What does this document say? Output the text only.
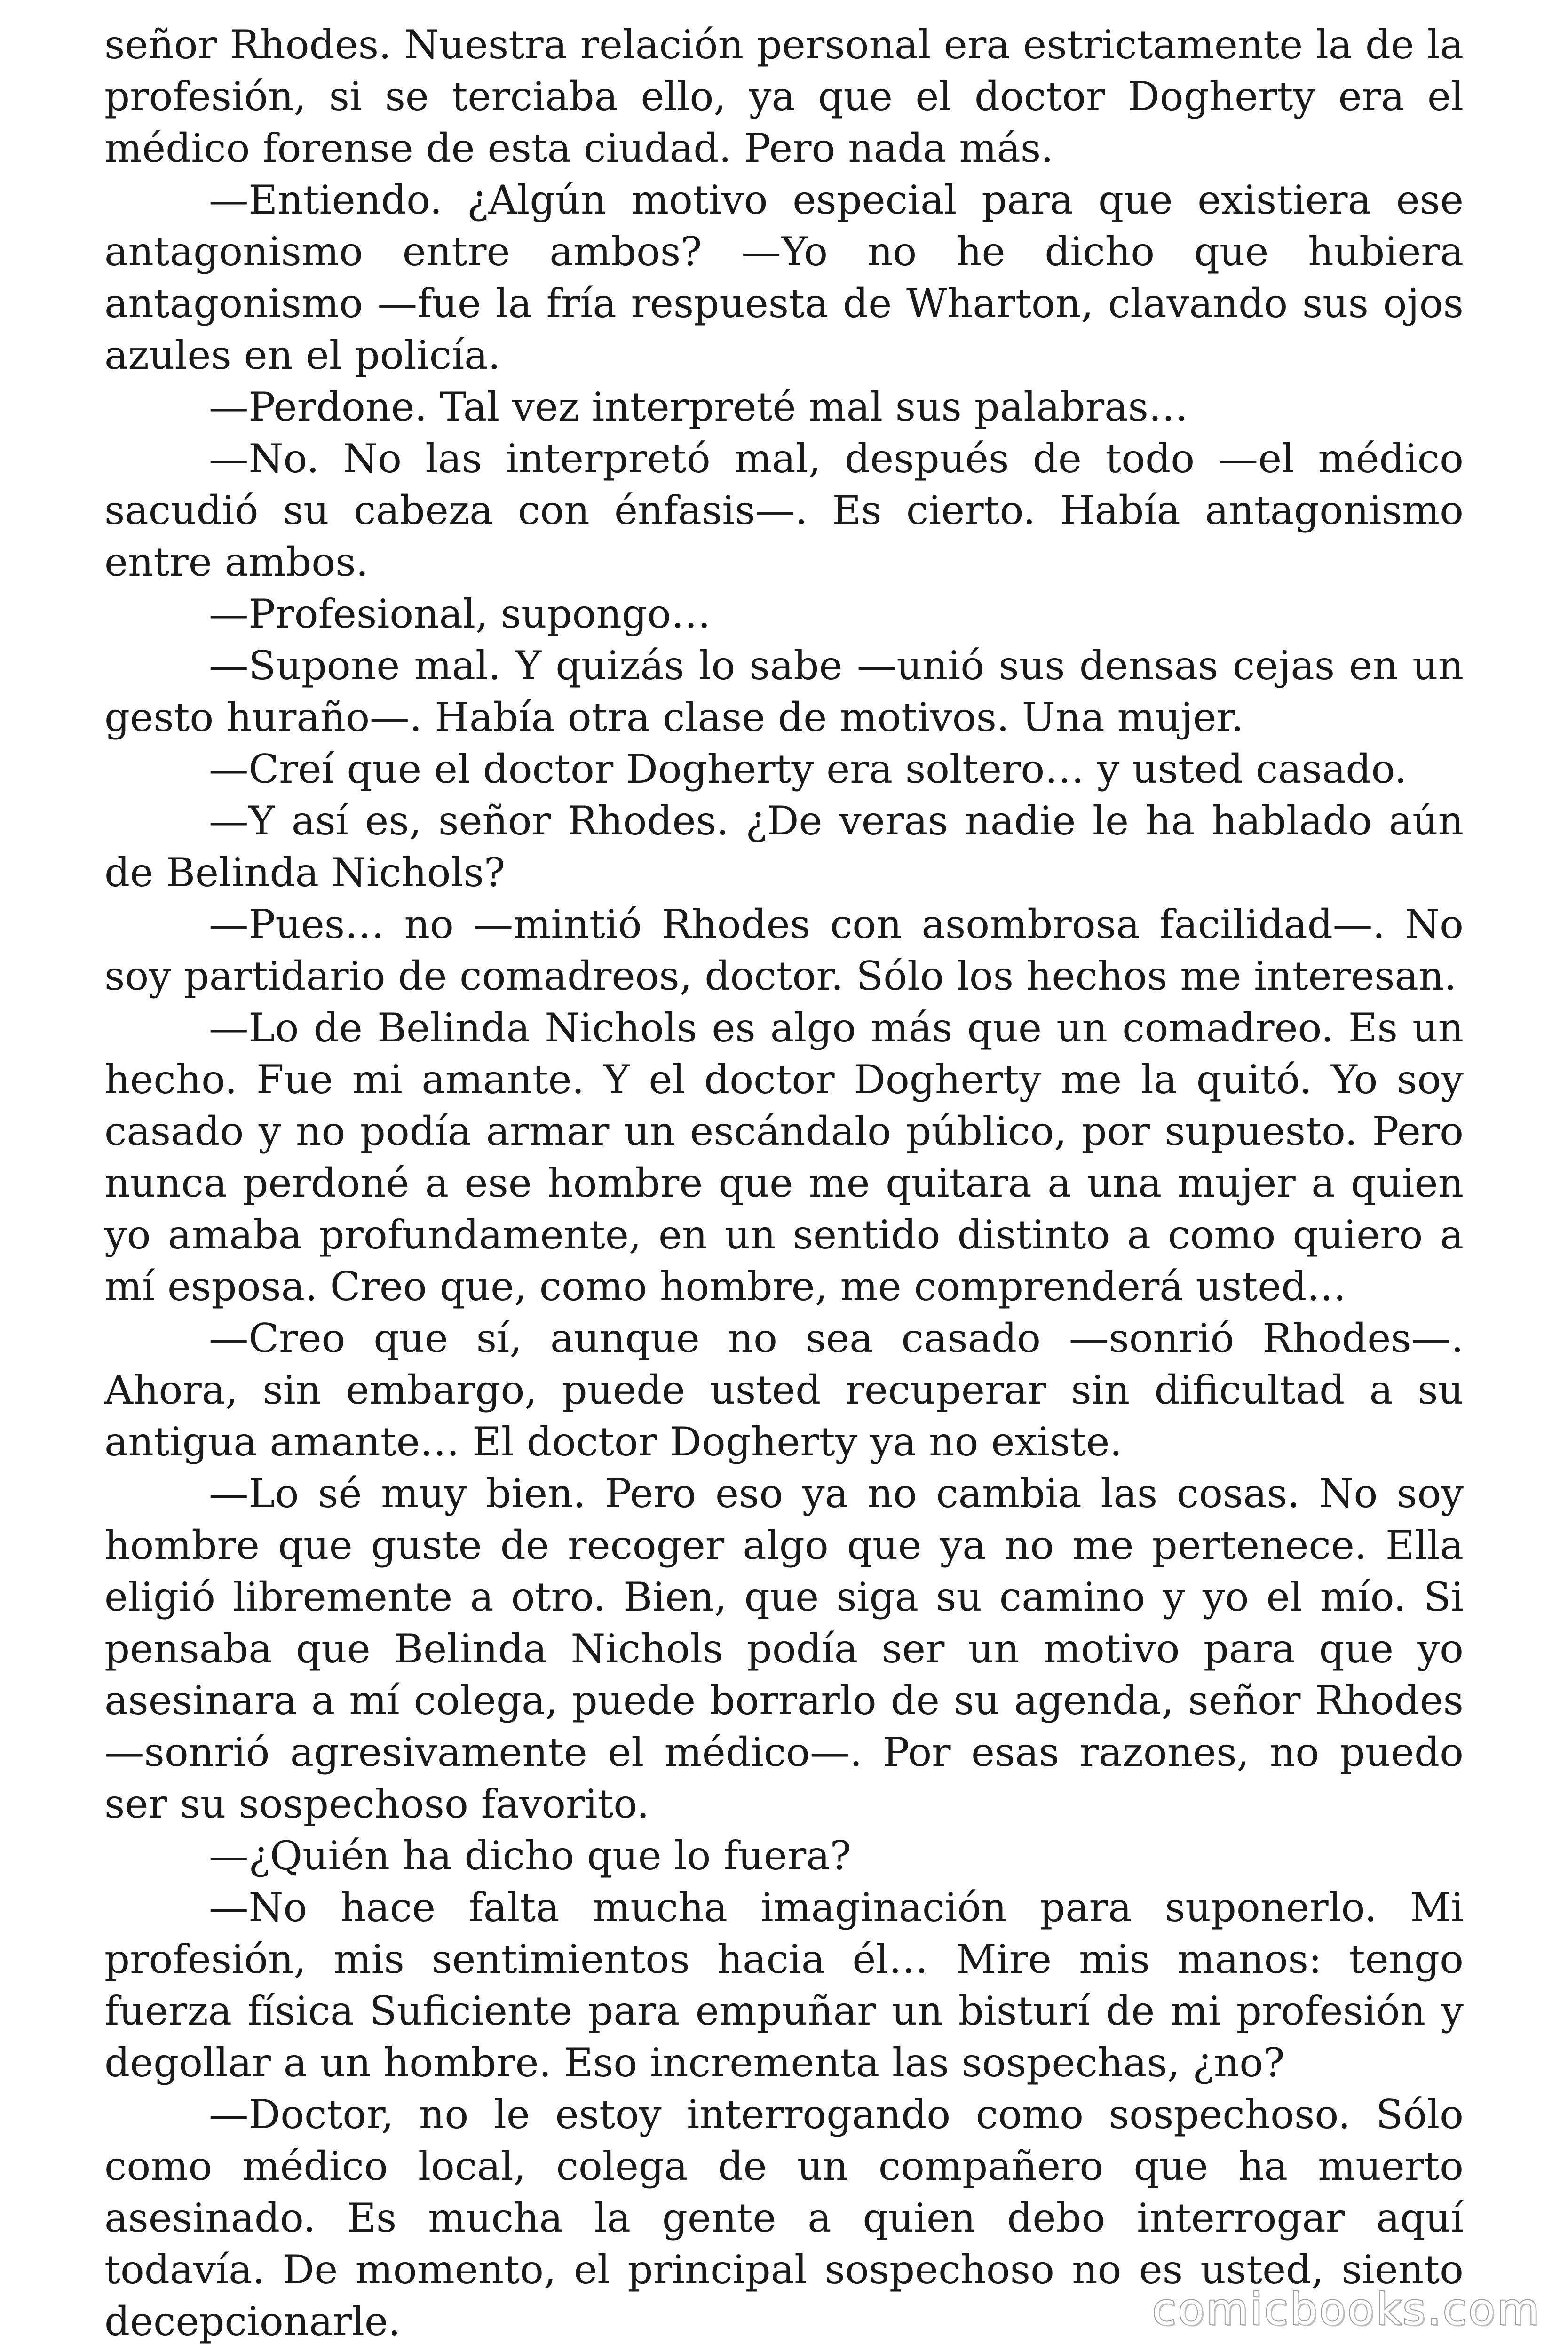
señor Rhodes. Nuestra relación personal era estrictamente la de la profesión, si se terciaba ello, ya que el doctor Dogherty era el médico forense de esta ciudad. Pero nada más.

—Entiendo. ¿Algún motivo especial para que existiera ese antagonismo entre ambos? —Yo no he dicho que hubiera antagonismo —fue la fría respuesta de Wharton, clavando sus ojos azules en el policía.

—Perdone. Tal vez interpreté mal sus palabras…

—No. No las interpretó mal, después de todo —el médico sacudió su cabeza con énfasis—. Es cierto. Había antagonismo entre ambos.

—Profesional, supongo…

—Supone mal. Y quizás lo sabe —unió sus densas cejas en un gesto huraño—. Había otra clase de motivos. Una mujer.

—Creí que el doctor Dogherty era soltero… y usted casado.

—Y así es, señor Rhodes. ¿De veras nadie le ha hablado aún de Belinda Nichols?

—Pues… no —mintió Rhodes con asombrosa facilidad—. No soy partidario de comadreos, doctor. Sólo los hechos me interesan.

—Lo de Belinda Nichols es algo más que un comadreo. Es un hecho. Fue mi amante. Y el doctor Dogherty me la quitó. Yo soy casado y no podía armar un escándalo público, por supuesto. Pero nunca perdoné a ese hombre que me quitara a una mujer a quien yo amaba profundamente, en un sentido distinto a como quiero a mí esposa. Creo que, como hombre, me comprenderá usted…

—Creo que sí, aunque no sea casado —sonrió Rhodes—. Ahora, sin embargo, puede usted recuperar sin dificultad a su antigua amante… El doctor Dogherty ya no existe.

—Lo sé muy bien. Pero eso ya no cambia las cosas. No soy hombre que guste de recoger algo que ya no me pertenece. Ella eligió libremente a otro. Bien, que siga su camino y yo el mío. Si pensaba que Belinda Nichols podía ser un motivo para que yo asesinara a mí colega, puede borrarlo de su agenda, señor Rhodes —sonrió agresivamente el médico—. Por esas razones, no puedo ser su sospechoso favorito.

—¿Quién ha dicho que lo fuera?

—No hace falta mucha imaginación para suponerlo. Mi profesión, mis sentimientos hacia él… Mire mis manos: tengo fuerza física Suficiente para empuñar un bisturí de mi profesión y degollar a un hombre. Eso incrementa las sospechas, ¿no?

—Doctor, no le estoy interrogando como sospechoso. Sólo como médico local, colega de un compañero que ha muerto asesinado. Es mucha la gente a quien debo interrogar aquí todavía. De momento, el principal sospechoso no es usted, siento decepcionarle.	comicbooks.com
